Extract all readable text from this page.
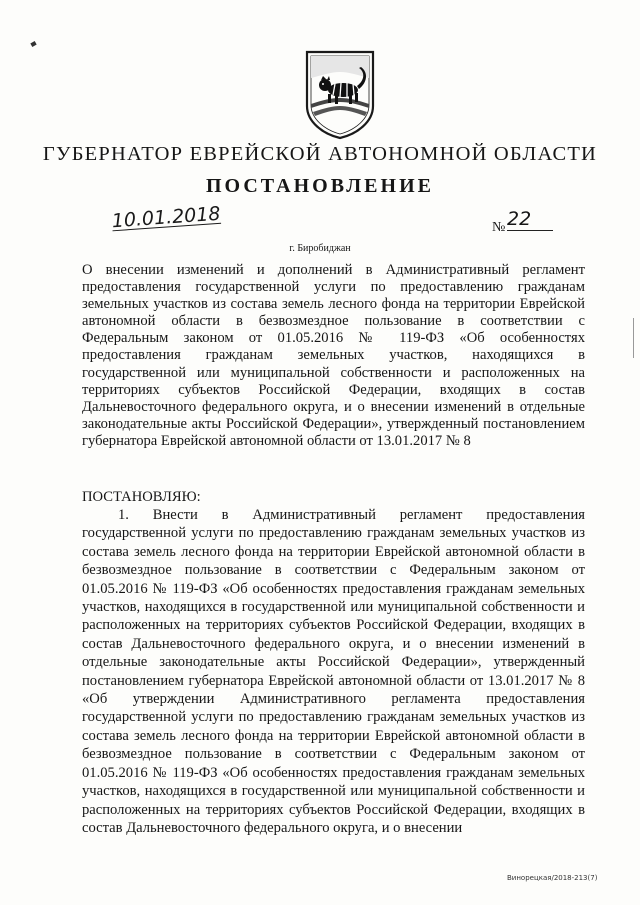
ГУБЕРНАТОР ЕВРЕЙСКОЙ АВТОНОМНОЙ ОБЛАСТИ
ПОСТАНОВЛЕНИЕ
10.01.2018	№ 22
г. Биробиджан

О внесении изменений и дополнений в Административный регламент предоставления государственной услуги по предоставлению гражданам земельных участков из состава земель лесного фонда на территории Еврейской автономной области в безвозмездное пользование в соответствии с Федеральным законом от 01.05.2016 № 119-ФЗ «Об особенностях предоставления гражданам земельных участков, находящихся в государственной или муниципальной собственности и расположенных на территориях субъектов Российской Федерации, входящих в состав Дальневосточного федерального округа, и о внесении изменений в отдельные законодательные акты Российской Федерации», утвержденный постановлением губернатора Еврейской автономной области от 13.01.2017 № 8

ПОСТАНОВЛЯЮ:

1. Внести в Административный регламент предоставления государственной услуги по предоставлению гражданам земельных участков из состава земель лесного фонда на территории Еврейской автономной области в безвозмездное пользование в соответствии с Федеральным законом от 01.05.2016 № 119-ФЗ «Об особенностях предоставления гражданам земельных участков, находящихся в государственной или муниципальной собственности и расположенных на территориях субъектов Российской Федерации, входящих в состав Дальневосточного федерального округа, и о внесении изменений в отдельные законодательные акты Российской Федерации», утвержденный постановлением губернатора Еврейской автономной области от 13.01.2017 № 8 «Об утверждении Административного регламента предоставления государственной услуги по предоставлению гражданам земельных участков из состава земель лесного фонда на территории Еврейской автономной области в безвозмездное пользование в соответствии с Федеральным законом от 01.05.2016 № 119-ФЗ «Об особенностях предоставления гражданам земельных участков, находящихся в государственной или муниципальной собственности и расположенных на территориях субъектов Российской Федерации, входящих в состав Дальневосточного федерального округа, и о внесении

Винорецкая/2018-213(7)
